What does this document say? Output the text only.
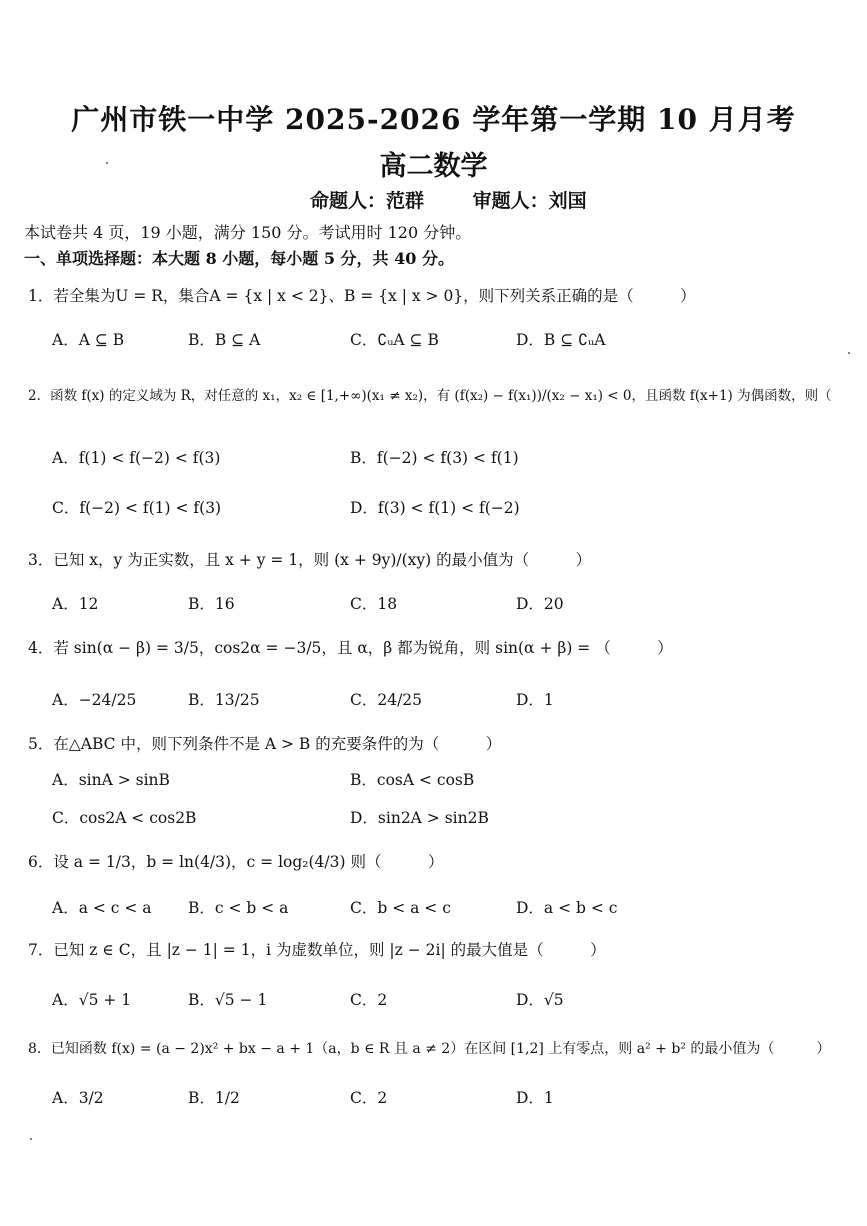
广州市铁一中学 2025-2026 学年第一学期 10 月月考
高二数学
命题人：范群	审题人：刘国
本试卷共 4 页，19 小题，满分 150 分。考试用时 120 分钟。
一、单项选择题：本大题 8 小题，每小题 5 分，共 40 分。
1．若全集为U = R，集合A = {x | x < 2}、B = {x | x > 0}，则下列关系正确的是（　　　）
A．A ⊆ B	B．B ⊆ A	C．∁ᵤA ⊆ B	D．B ⊆ ∁ᵤA
2．函数 f(x) 的定义域为 R，对任意的 x₁，x₂ ∈ [1,+∞)(x₁ ≠ x₂)，有 (f(x₂) − f(x₁))/(x₂ − x₁) < 0，且函数 f(x+1) 为偶函数，则（
A．f(1) < f(−2) < f(3)	B．f(−2) < f(3) < f(1)
C．f(−2) < f(1) < f(3)	D．f(3) < f(1) < f(−2)
3．已知 x，y 为正实数，且 x + y = 1，则 (x + 9y)/(xy) 的最小值为（　　　）
A．12	B．16	C．18	D．20
4．若 sin(α − β) = 3/5，cos2α = −3/5，且 α，β 都为锐角，则 sin(α + β) = （　　　）
A．−24/25	B．13/25	C．24/25	D．1
5．在△ABC 中，则下列条件不是 A > B 的充要条件的为（　　　）
A．sinA > sinB	B．cosA < cosB
C．cos2A < cos2B	D．sin2A > sin2B
6．设 a = 1/3，b = ln(4/3)，c = log₂(4/3) 则（　　　）
A．a < c < a B．c < b < a	C．b < a < c	D．a < b < c
7．已知 z ∈ C，且 |z − 1| = 1，i 为虚数单位，则 |z − 2i| 的最大值是（　　　）
A．√5 + 1	B．√5 − 1	C．2	D．√5
8．已知函数 f(x) = (a − 2)x² + bx − a + 1（a，b ∈ R 且 a ≠ 2）在区间 [1,2] 上有零点，则 a² + b² 的最小值为（　　　）
A．3/2	B．1/2	C．2	D．1
